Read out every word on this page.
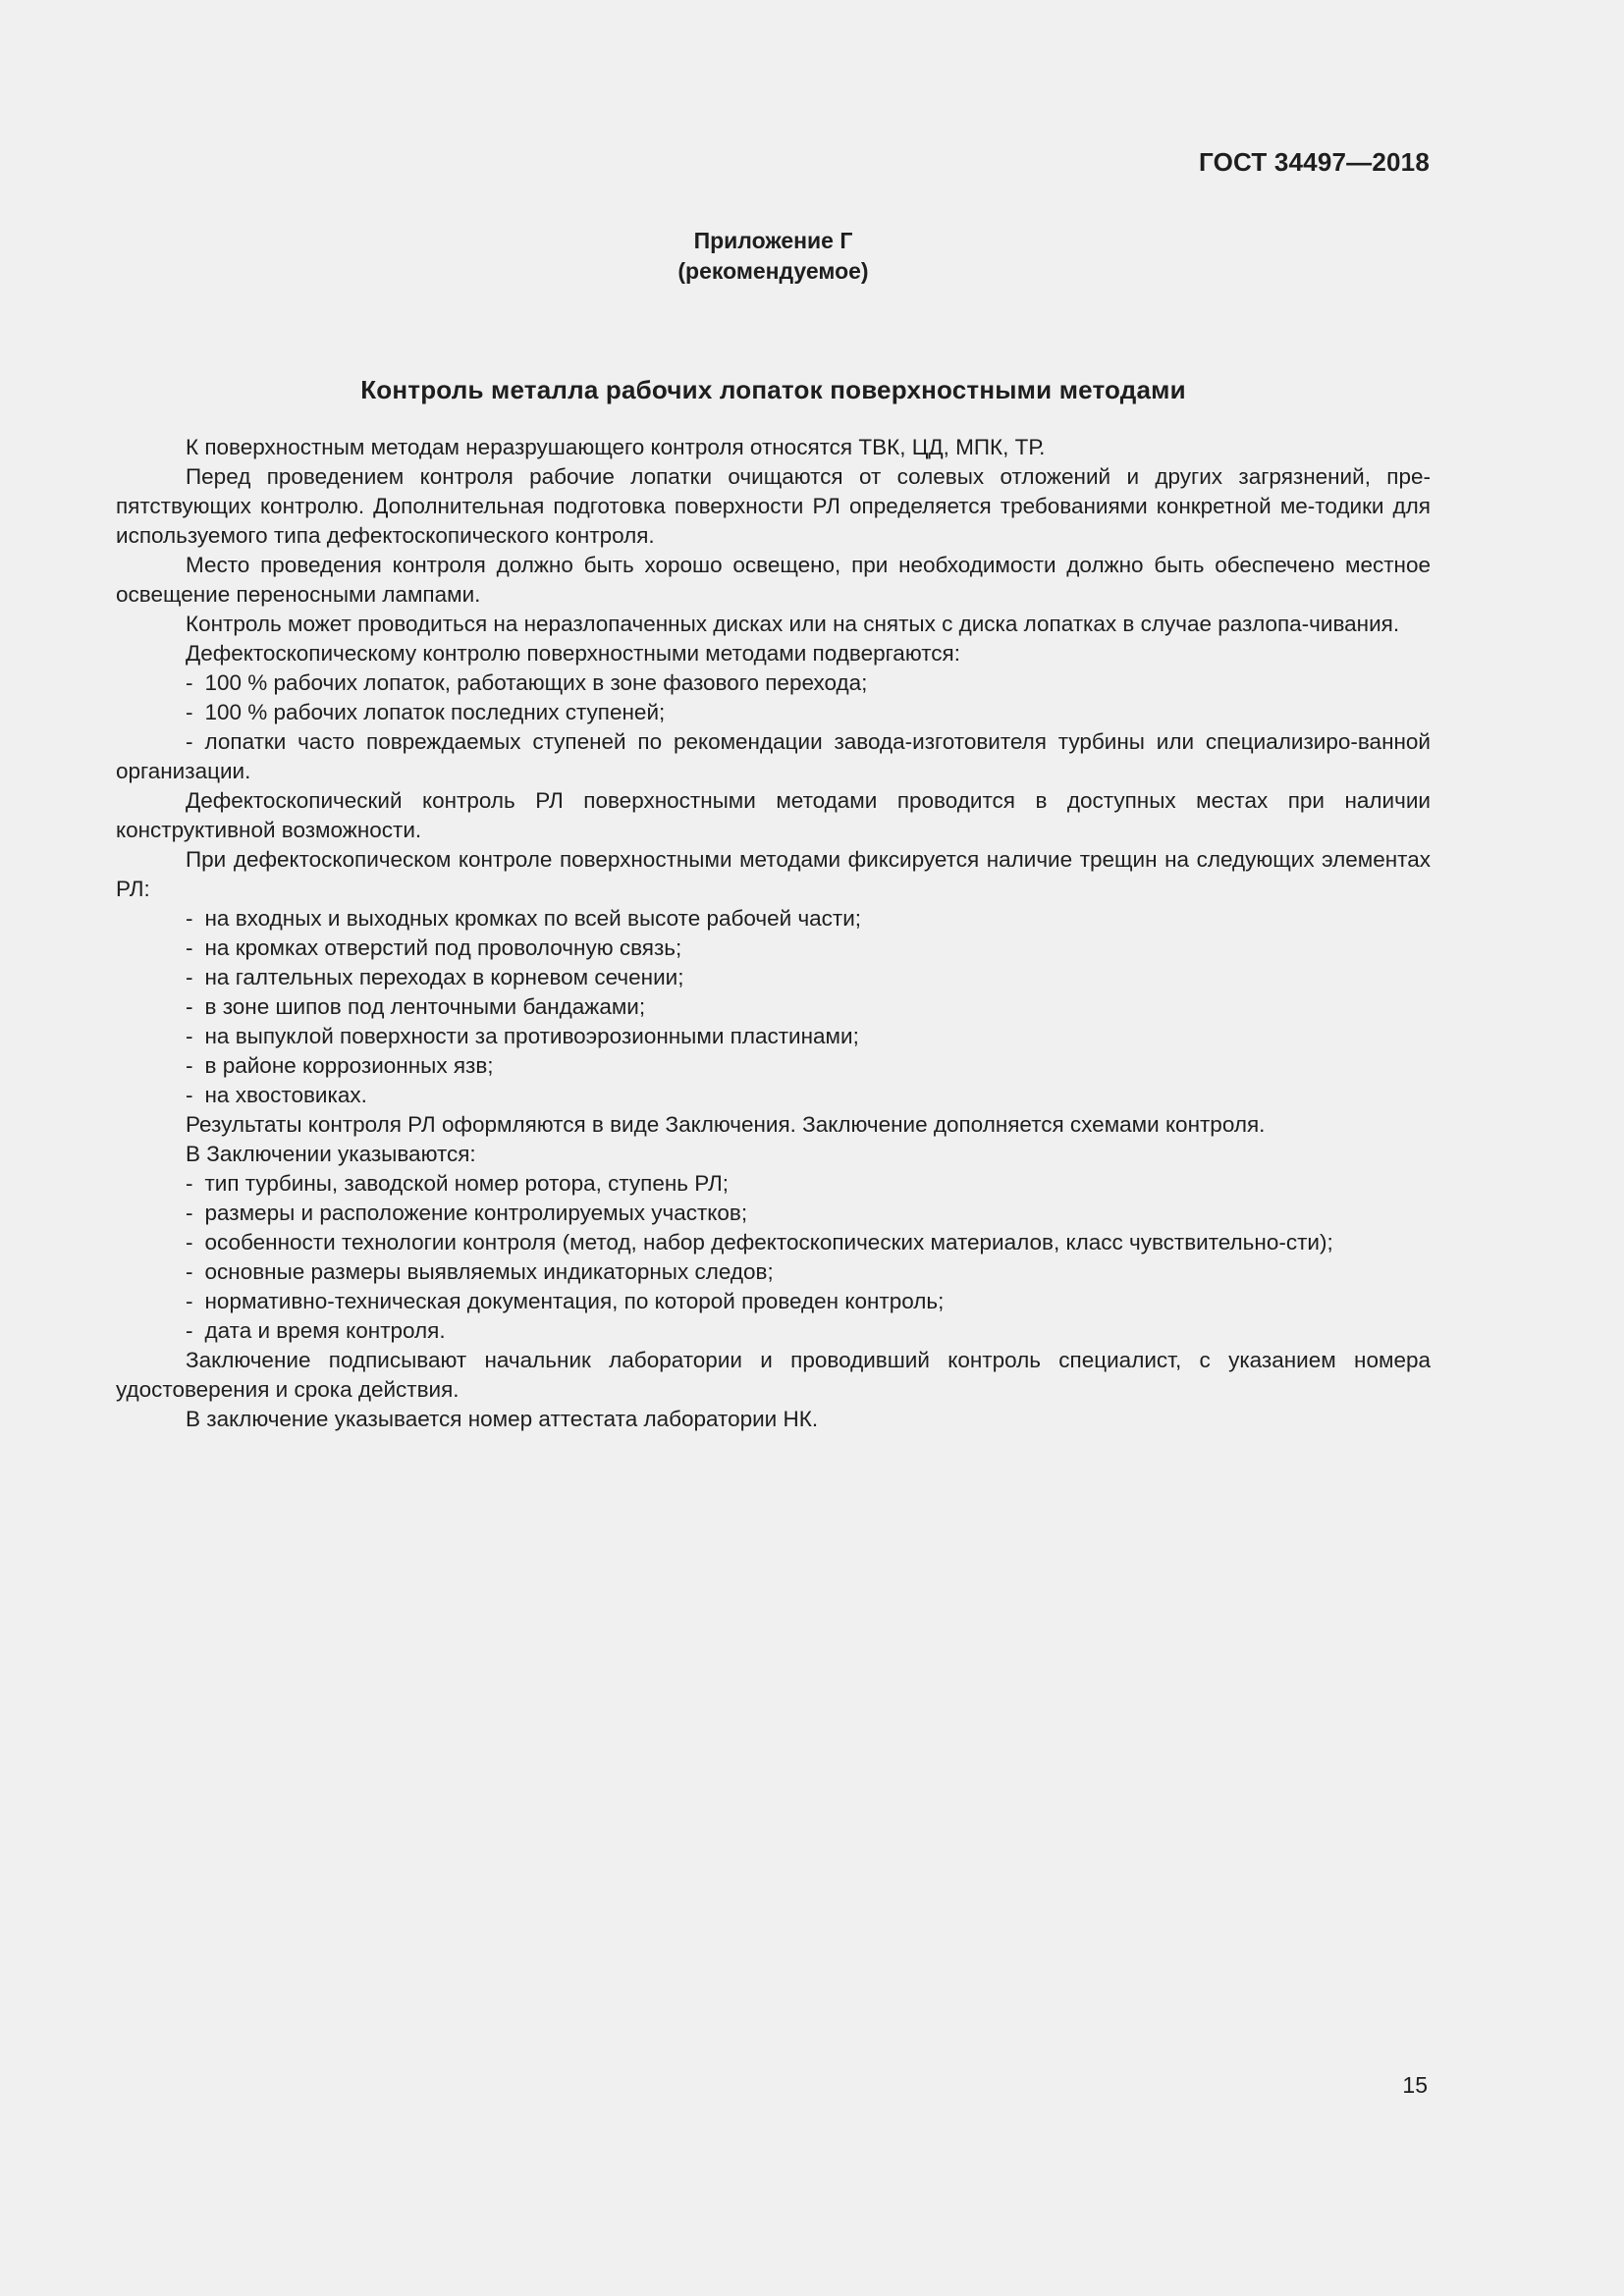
ГОСТ 34497—2018
Приложение Г
(рекомендуемое)
Контроль металла рабочих лопаток поверхностными методами

К поверхностным методам неразрушающего контроля относятся ТВК, ЦД, МПК, ТР.

Перед проведением контроля рабочие лопатки очищаются от солевых отложений и других загрязнений, пре-пятствующих контролю. Дополнительная подготовка поверхности РЛ определяется требованиями конкретной ме-тодики для используемого типа дефектоскопического контроля.

Место проведения контроля должно быть хорошо освещено, при необходимости должно быть обеспечено местное освещение переносными лампами.

Контроль может проводиться на неразлопаченных дисках или на снятых с диска лопатках в случае разлопа-чивания.

Дефектоскопическому контролю поверхностными методами подвергаются:

- 100 % рабочих лопаток, работающих в зоне фазового перехода;

- 100 % рабочих лопаток последних ступеней;

- лопатки часто повреждаемых ступеней по рекомендации завода-изготовителя турбины или специализиро-ванной организации.

Дефектоскопический контроль РЛ поверхностными методами проводится в доступных местах при наличии конструктивной возможности.

При дефектоскопическом контроле поверхностными методами фиксируется наличие трещин на следующих элементах РЛ:

- на входных и выходных кромках по всей высоте рабочей части;

- на кромках отверстий под проволочную связь;

- на галтельных переходах в корневом сечении;

- в зоне шипов под ленточными бандажами;

- на выпуклой поверхности за противоэрозионными пластинами;

- в районе коррозионных язв;

- на хвостовиках.

Результаты контроля РЛ оформляются в виде Заключения. Заключение дополняется схемами контроля.

В Заключении указываются:

- тип турбины, заводской номер ротора, ступень РЛ;

- размеры и расположение контролируемых участков;

- особенности технологии контроля (метод, набор дефектоскопических материалов, класс чувствительно-сти);

- основные размеры выявляемых индикаторных следов;

- нормативно-техническая документация, по которой проведен контроль;

- дата и время контроля.

Заключение подписывают начальник лаборатории и проводивший контроль специалист, с указанием номера удостоверения и срока действия.

В заключение указывается номер аттестата лаборатории НК.

15
